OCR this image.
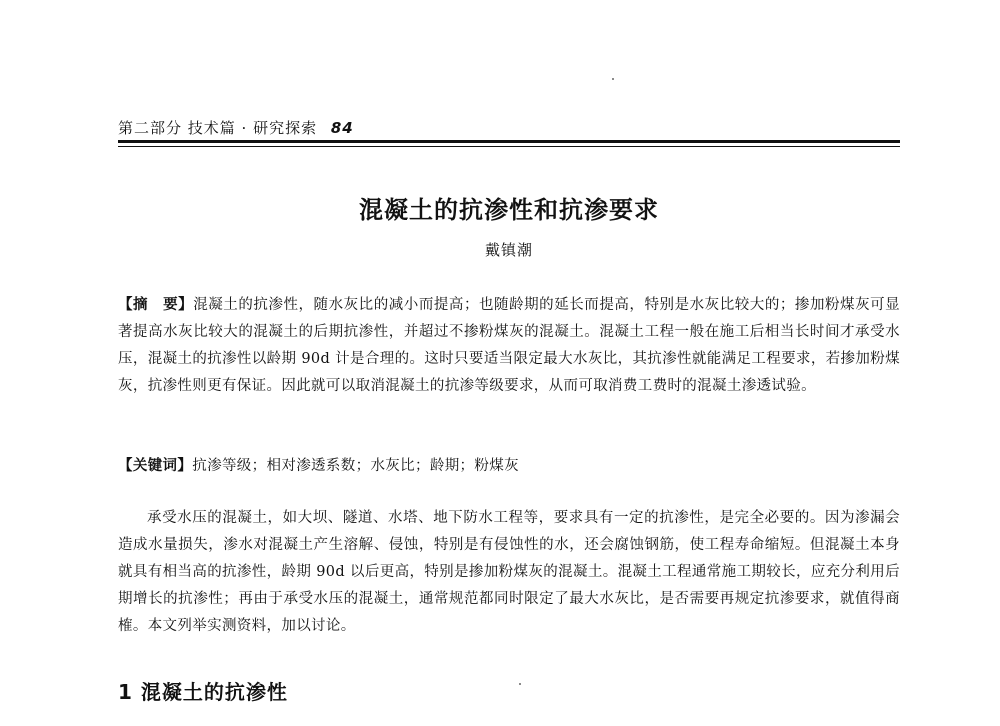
第二部分 技术篇 · 研究探索 84
混凝土的抗渗性和抗渗要求
戴镇潮
【摘　要】混凝土的抗渗性，随水灰比的减小而提高；也随龄期的延长而提高，特别是水灰比较大的；掺加粉煤灰可显著提高水灰比较大的混凝土的后期抗渗性，并超过不掺粉煤灰的混凝土。混凝土工程一般在施工后相当长时间才承受水压，混凝土的抗渗性以龄期 90d 计是合理的。这时只要适当限定最大水灰比，其抗渗性就能满足工程要求，若掺加粉煤灰，抗渗性则更有保证。因此就可以取消混凝土的抗渗等级要求，从而可取消费工费时的混凝土渗透试验。
【关键词】抗渗等级；相对渗透系数；水灰比；龄期；粉煤灰
承受水压的混凝土，如大坝、隧道、水塔、地下防水工程等，要求具有一定的抗渗性，是完全必要的。因为渗漏会造成水量损失，渗水对混凝土产生溶解、侵蚀，特别是有侵蚀性的水，还会腐蚀钢筋，使工程寿命缩短。但混凝土本身就具有相当高的抗渗性，龄期 90d 以后更高，特别是掺加粉煤灰的混凝土。混凝土工程通常施工期较长，应充分利用后期增长的抗渗性；再由于承受水压的混凝土，通常规范都同时限定了最大水灰比，是否需要再规定抗渗要求，就值得商榷。本文列举实测资料，加以讨论。
1 混凝土的抗渗性
